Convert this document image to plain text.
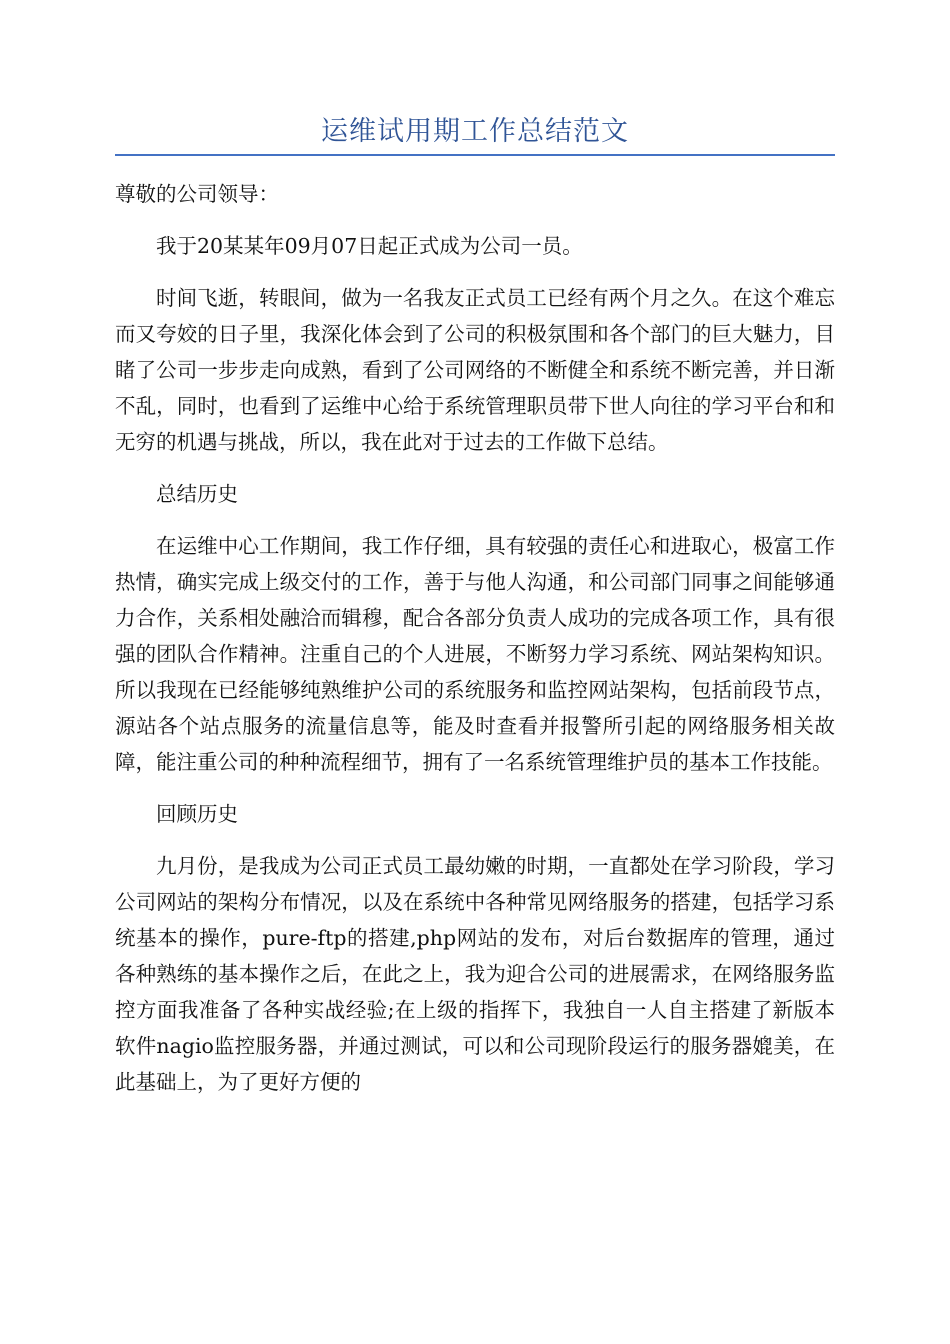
运维试用期工作总结范文

尊敬的公司领导：

我于20某某年09月07日起正式成为公司一员。

时间飞逝，转眼间，做为一名我友正式员工已经有两个月之久。在这个难忘而又夸姣的日子里，我深化体会到了公司的积极氛围和各个部门的巨大魅力，目睹了公司一步步走向成熟，看到了公司网络的不断健全和系统不断完善，并日渐不乱，同时，也看到了运维中心给于系统管理职员带下世人向往的学习平台和和无穷的机遇与挑战，所以，我在此对于过去的工作做下总结。

总结历史

在运维中心工作期间，我工作仔细，具有较强的责任心和进取心，极富工作热情，确实完成上级交付的工作，善于与他人沟通，和公司部门同事之间能够通力合作，关系相处融洽而辑穆，配合各部分负责人成功的完成各项工作，具有很强的团队合作精神。注重自己的个人进展，不断努力学习系统、网站架构知识。所以我现在已经能够纯熟维护公司的系统服务和监控网站架构，包括前段节点，源站各个站点服务的流量信息等，能及时查看并报警所引起的网络服务相关故障，能注重公司的种种流程细节，拥有了一名系统管理维护员的基本工作技能。

回顾历史

九月份，是我成为公司正式员工最幼嫩的时期，一直都处在学习阶段，学习公司网站的架构分布情况，以及在系统中各种常见网络服务的搭建，包括学习系统基本的操作，pure-ftp的搭建,php网站的发布，对后台数据库的管理，通过各种熟练的基本操作之后，在此之上，我为迎合公司的进展需求，在网络服务监控方面我准备了各种实战经验;在上级的指挥下，我独自一人自主搭建了新版本软件nagio监控服务器，并通过测试，可以和公司现阶段运行的服务器媲美，在此基础上，为了更好方便的
